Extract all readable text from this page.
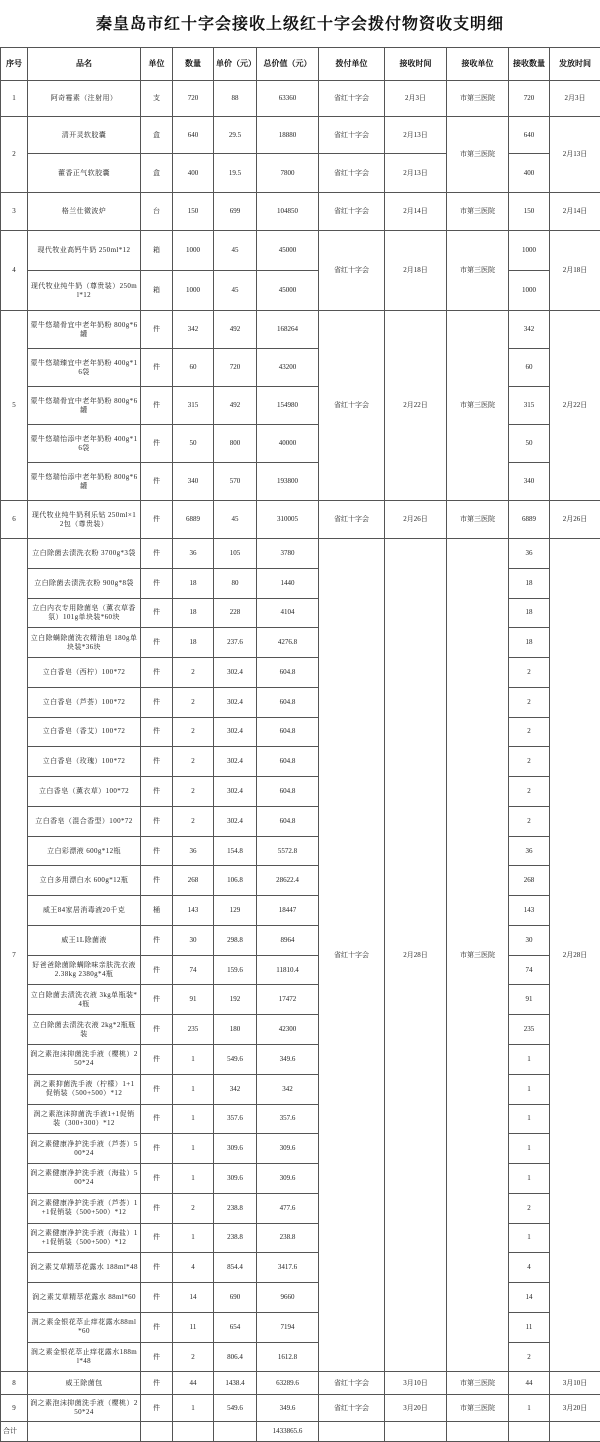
秦皇岛市红十字会接收上级红十字会拨付物资收支明细
序号	品名	单位	数量	单价（元）	总价值（元）	拨付单位	接收时间	接收单位	接收数量	发放时间
1	阿奇霉素（注射用）	支	720	88	63360	省红十字会	2月3日	市第三医院	720	2月3日
2	清开灵软胶囊	盒	640	29.5	18880	省红十字会	2月13日	市第三医院	640	2月13日
	藿香正气软胶囊	盒	400	19.5	7800	省红十字会	2月13日		400	
3	格兰仕微波炉	台	150	699	104850	省红十字会	2月14日	市第三医院	150	2月14日
4	现代牧业高钙牛奶 250ml*12	箱	1000	45	45000	省红十字会	2月18日	市第三医院	1000	2月18日
	现代牧业纯牛奶（尊贵装）250ml*12	箱	1000	45	45000				1000	
5	蒙牛悠瑞骨宜中老年奶粉 800g*6罐	件	342	492	168264	省红十字会	2月22日	市第三医院	342	2月22日
	蒙牛悠瑞臻宜中老年奶粉 400g*16袋	件	60	720	43200				60	
	蒙牛悠瑞骨宜中老年奶粉 800g*6罐	件	315	492	154980				315	
	蒙牛悠瑞怡添中老年奶粉 400g*16袋	件	50	800	40000				50	
	蒙牛悠瑞怡添中老年奶粉 800g*6罐	件	340	570	193800				340	
6	现代牧业纯牛奶利乐钻 250ml×12包（尊贵装）	件	6889	45	310005	省红十字会	2月26日	市第三医院	6889	2月26日
7	立白除菌去渍洗衣粉 3700g*3袋	件	36	105	3780	省红十字会	2月28日	市第三医院	36	2月28日
	立白除菌去渍洗衣粉 900g*8袋	件	18	80	1440				18	
	立白内衣专用除菌皂（薰衣草香氛）101g单块装*60块	件	18	228	4104				18	
	立白除螨除菌洗衣精油皂 180g单块装*36块	件	18	237.6	4276.8				18	
	立白香皂（西柠）100*72	件	2	302.4	604.8				2	
	立白香皂（芦荟）100*72	件	2	302.4	604.8				2	
	立白香皂（香艾）100*72	件	2	302.4	604.8				2	
	立白香皂（玫瑰）100*72	件	2	302.4	604.8				2	
	立白香皂（薰衣草）100*72	件	2	302.4	604.8				2	
	立白香皂（混合香型）100*72	件	2	302.4	604.8				2	
	立白彩漂液 600g*12瓶	件	36	154.8	5572.8				36	
	立白多用漂白水 600g*12瓶	件	268	106.8	28622.4				268	
	威王84家居消毒液20千克	桶	143	129	18447				143	
	威王1L除菌液	件	30	298.8	8964				30	
	好爸爸除菌除螨除味亲肤洗衣液2.38kg 2380g*4瓶	件	74	159.6	11810.4				74	
	立白除菌去渍洗衣液 3kg单瓶装*4瓶	件	91	192	17472				91	
	立白除菌去渍洗衣液 2kg*2瓶瓶装	件	235	180	42300				235	
	润之素泡沫抑菌洗手液（樱桃）250*24	件	1	549.6	349.6				1	
	润之素抑菌洗手液（柠檬）1+1促销装（500+500）*12	件	1	342	342				1	
	润之素泡沫抑菌洗手液1+1促销装（300+300）*12	件	1	357.6	357.6				1	
	润之素健康净护洗手液（芦荟）500*24	件	1	309.6	309.6				1	
	润之素健康净护洗手液（海盐）500*24	件	1	309.6	309.6				1	
	润之素健康净护洗手液（芦荟）1+1促销装（500+500）*12	件	2	238.8	477.6				2	
	润之素健康净护洗手液（海盐）1+1促销装（500+500）*12	件	1	238.8	238.8				1	
	润之素艾草精萃花露水 188ml*48	件	4	854.4	3417.6				4	
	润之素艾草精萃花露水 88ml*60	件	14	690	9660				14	
	润之素金银花萃止痒花露水88ml*60	件	11	654	7194				11	
	润之素金银花萃止痒花露水188ml*48	件	2	806.4	1612.8				2	
8	威王除菌包	件	44	1438.4	63289.6	省红十字会	3月10日	市第三医院	44	3月10日
9	润之素泡沫抑菌洗手液（樱桃）250*24	件	1	549.6	349.6	省红十字会	3月20日	市第三医院	1	3月20日
合计					1433865.6					
